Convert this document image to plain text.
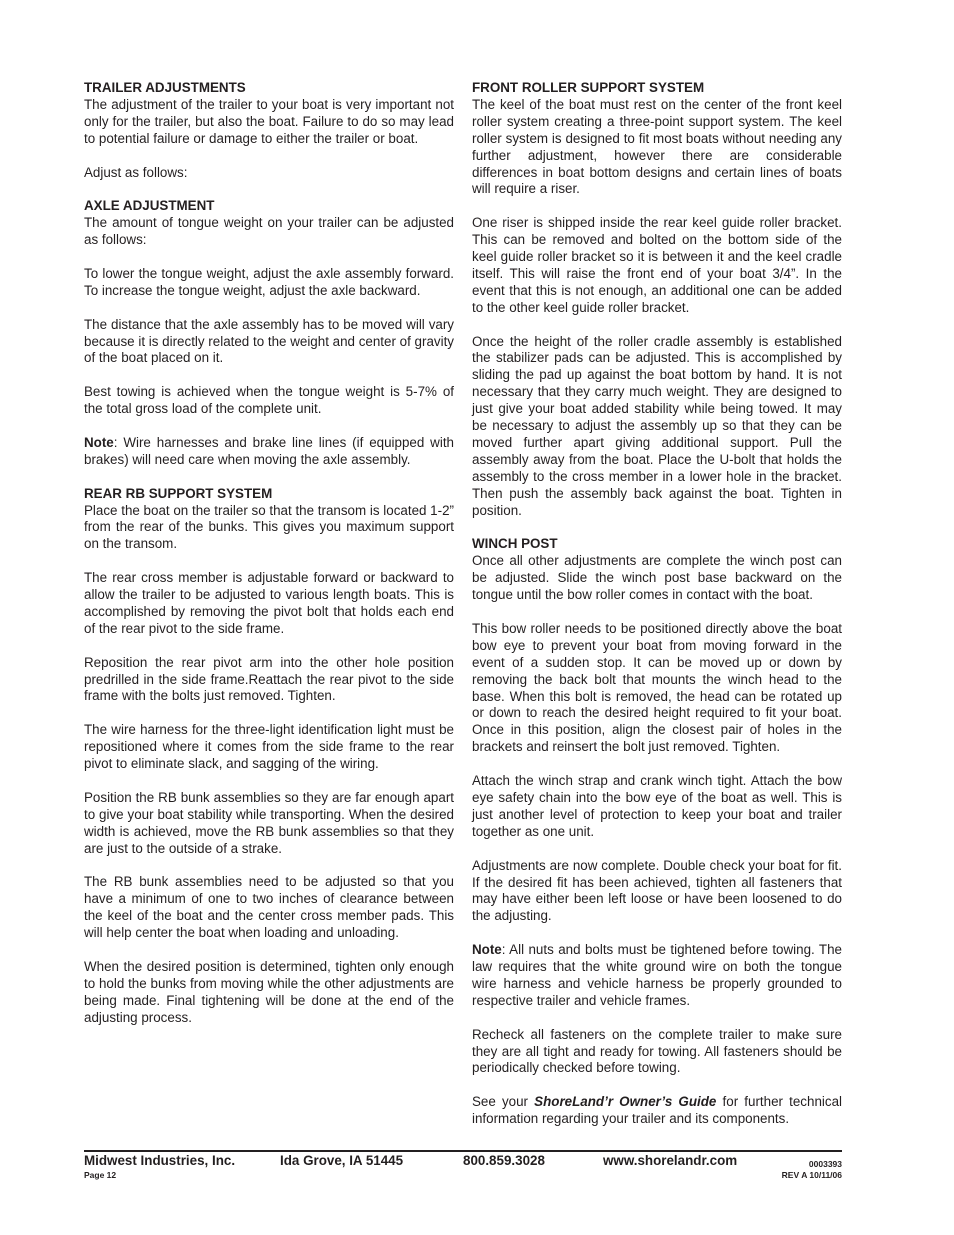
TRAILER ADJUSTMENTS

The adjustment of the trailer to your boat is very important not only for the trailer, but also the boat. Failure to do so may lead to potential failure or damage to either the trailer or boat.

Adjust as follows:

AXLE ADJUSTMENT

The amount of tongue weight on your trailer can be adjusted as follows:

To lower the tongue weight, adjust the axle assembly forward. To increase the tongue weight, adjust the axle backward.

The distance that the axle assembly has to be moved will vary because it is directly related to the weight and center of gravity of the boat placed on it.

Best towing is achieved when the tongue weight is 5-7% of the total gross load of the complete unit.

Note: Wire harnesses and brake line lines (if equipped with brakes) will need care when moving the axle assembly.

REAR RB SUPPORT SYSTEM

Place the boat on the trailer so that the transom is located 1-2” from the rear of the bunks. This gives you maximum support on the transom.

The rear cross member is adjustable forward or backward to allow the trailer to be adjusted to various length boats. This is accomplished by removing the pivot bolt that holds each end of the rear pivot to the side frame.

Reposition the rear pivot arm into the other hole position predrilled in the side frame.Reattach the rear pivot to the side frame with the bolts just removed. Tighten.

The wire harness for the three-light identification light must be repositioned where it comes from the side frame to the rear pivot to eliminate slack, and sagging of the wiring.

Position the RB bunk assemblies so they are far enough apart to give your boat stability while transporting. When the desired width is achieved, move the RB bunk assemblies so that they are just to the outside of a strake.

The RB bunk assemblies need to be adjusted so that you have a minimum of one to two inches of clearance between the keel of the boat and the center cross member pads. This will help center the boat when loading and unloading.

When the desired position is determined, tighten only enough to hold the bunks from moving while the other adjustments are being made. Final tightening will be done at the end of the adjusting process.

FRONT ROLLER SUPPORT SYSTEM

The keel of the boat must rest on the center of the front keel roller system creating a three-point support system. The keel roller system is designed to fit most boats without needing any further adjustment, however there are considerable differences in boat bottom designs and certain lines of boats will require a riser.

One riser is shipped inside the rear keel guide roller bracket. This can be removed and bolted on the bottom side of the keel guide roller bracket so it is between it and the keel cradle itself. This will raise the front end of your boat 3/4”. In the event that this is not enough, an additional one can be added to the other keel guide roller bracket.

Once the height of the roller cradle assembly is established the stabilizer pads can be adjusted. This is accomplished by sliding the pad up against the boat bottom by hand. It is not necessary that they carry much weight. They are designed to just give your boat added stability while being towed. It may be necessary to adjust the assembly up so that they can be moved further apart giving additional support. Pull the assembly away from the boat. Place the U-bolt that holds the assembly to the cross member in a lower hole in the bracket. Then push the assembly back against the boat. Tighten in position.

WINCH POST

Once all other adjustments are complete the winch post can be adjusted. Slide the winch post base backward on the tongue until the bow roller comes in contact with the boat.

This bow roller needs to be positioned directly above the boat bow eye to prevent your boat from moving forward in the event of a sudden stop. It can be moved up or down by removing the back bolt that mounts the winch head to the base. When this bolt is removed, the head can be rotated up or down to reach the desired height required to fit your boat. Once in this position, align the closest pair of holes in the brackets and reinsert the bolt just removed. Tighten.

Attach the winch strap and crank winch tight. Attach the bow eye safety chain into the bow eye of the boat as well. This is just another level of protection to keep your boat and trailer together as one unit.

Adjustments are now complete. Double check your boat for fit. If the desired fit has been achieved, tighten all fasteners that may have either been left loose or have been loosened to do the adjusting.

Note: All nuts and bolts must be tightened before towing. The law requires that the white ground wire on both the tongue wire harness and vehicle harness be properly grounded to respective trailer and vehicle frames.

Recheck all fasteners on the complete trailer to make sure they are all tight and ready for towing. All fasteners should be periodically checked before towing.

See your ShoreLand’r Owner’s Guide for further technical information regarding your trailer and its components.

Midwest Industries, Inc.	Ida Grove, IA 51445	800.859.3028	www.shorelandr.com
Page 12
0003393
REV A 10/11/06
